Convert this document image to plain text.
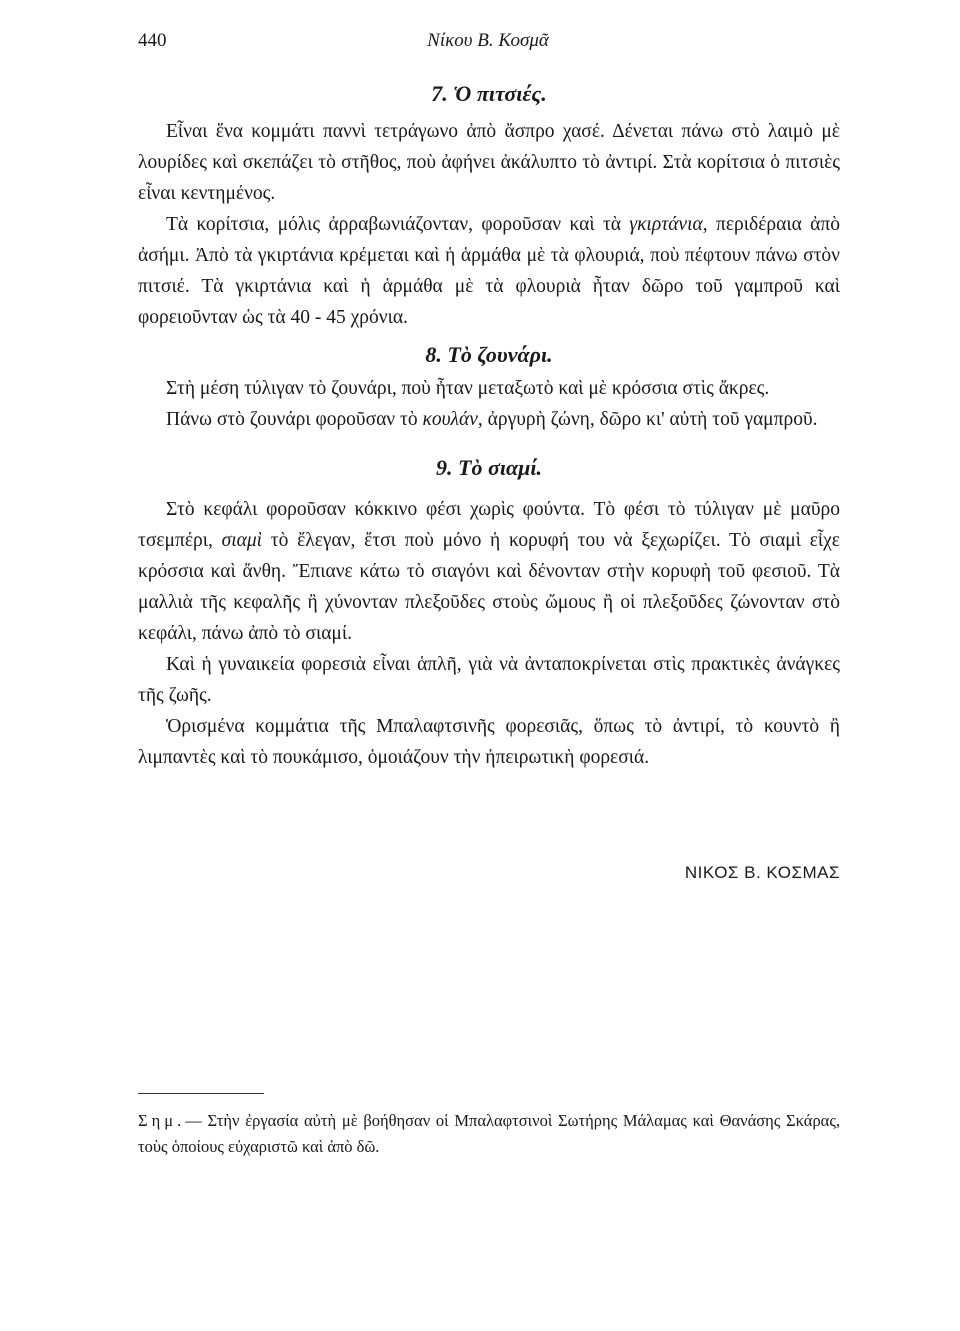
440	Νίκου Β. Κοσμᾶ
7. Ὁ πιτσιές.

Εἶναι ἕνα κομμάτι παννὶ τετράγωνο ἀπὸ ἄσπρο χασέ. Δένεται πάνω στὸ λαιμὸ μὲ λουρίδες καὶ σκεπάζει τὸ στῆθος, ποὺ ἀφήνει ἀκάλυπτο τὸ ἀντιρί. Στὰ κορίτσια ὁ πιτσιὲς εἶναι κεντημένος.

Τὰ κορίτσια, μόλις ἀρραβωνιάζονταν, φοροῦσαν καὶ τὰ γκιρτάνια, περιδέραια ἀπὸ ἀσήμι. Ἀπὸ τὰ γκιρτάνια κρέμεται καὶ ἡ ἁρμάθα μὲ τὰ φλουριά, ποὺ πέφτουν πάνω στὸν πιτσιέ. Τὰ γκιρτάνια καὶ ἡ ἁρμάθα μὲ τὰ φλουριὰ ἦταν δῶρο τοῦ γαμπροῦ καὶ φορειοῦνταν ὡς τὰ 40 - 45 χρόνια.

8. Τὸ ζουνάρι.

Στὴ μέση τύλιγαν τὸ ζουνάρι, ποὺ ἦταν μεταξωτὸ καὶ μὲ κρόσσια στὶς ἄκρες.

Πάνω στὸ ζουνάρι φοροῦσαν τὸ κουλάν, ἀργυρὴ ζώνη, δῶρο κι' αὐτὴ τοῦ γαμπροῦ.

9. Τὸ σιαμί.

Στὸ κεφάλι φοροῦσαν κόκκινο φέσι χωρὶς φούντα. Τὸ φέσι τὸ τύλιγαν μὲ μαῦρο τσεμπέρι, σιαμὶ τὸ ἔλεγαν, ἔτσι ποὺ μόνο ἡ κορυφή του νὰ ξεχωρίζει. Τὸ σιαμὶ εἶχε κρόσσια καὶ ἄνθη. Ἔπιανε κάτω τὸ σιαγόνι καὶ δένονταν στὴν κορυφὴ τοῦ φεσιοῦ. Τὰ μαλλιὰ τῆς κεφαλῆς ἢ χύνονταν πλεξοῦδες στοὺς ὤμους ἢ οἱ πλεξοῦδες ζώνονταν στὸ κεφάλι, πάνω ἀπὸ τὸ σιαμί.

Καὶ ἡ γυναικεία φορεσιὰ εἶναι ἁπλῆ, γιὰ νὰ ἀνταποκρίνεται στὶς πρακτικὲς ἀνάγκες τῆς ζωῆς.

Ὁρισμένα κομμάτια τῆς Μπαλαφτσινῆς φορεσιᾶς, ὅπως τὸ ἀντιρί, τὸ κουντὸ ἢ λιμπαντὲς καὶ τὸ πουκάμισο, ὁμοιάζουν τὴν ἠπειρωτικὴ φορεσιά.

ΝΙΚΟΣ Β. ΚΟΣΜΑΣ
Σημ.— Στὴν ἐργασία αὐτὴ μὲ βοήθησαν οἱ Μπαλαφτσινοὶ Σωτήρης Μάλαμας καὶ Θανάσης Σκάρας, τοὺς ὁποίους εὐχαριστῶ καὶ ἀπὸ δῶ.
